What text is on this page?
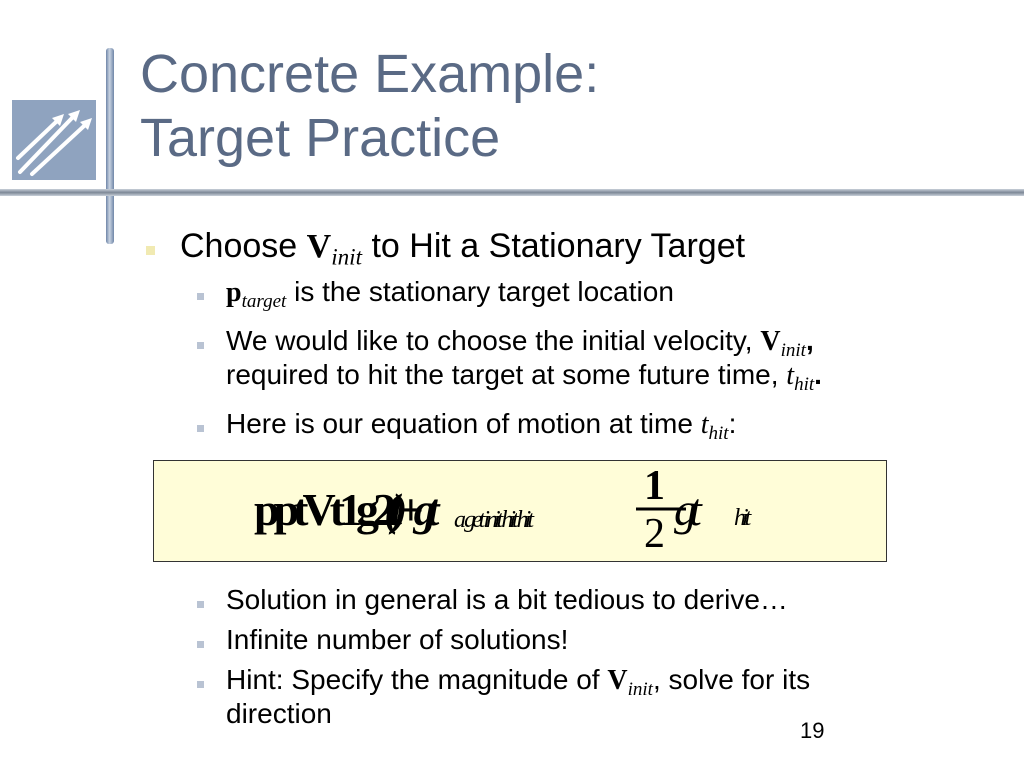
Concrete Example:
Target Practice
Choose $V_{init}$ to Hit a Stationary Target
$p_{target}$ is the stationary target location
We would like to choose the initial velocity, $V_{init}$,
required to hit the target at some future time, $t_{hit}$.
Here is our equation of motion at time $t_{hit}$:
pptVt1g2
(t)+gt	a get init hit hit
1
2 gt	hit
Solution in general is a bit tedious to derive…
Infinite number of solutions!
Hint: Specify the magnitude of $V_{init}$, solve for its
direction
19
